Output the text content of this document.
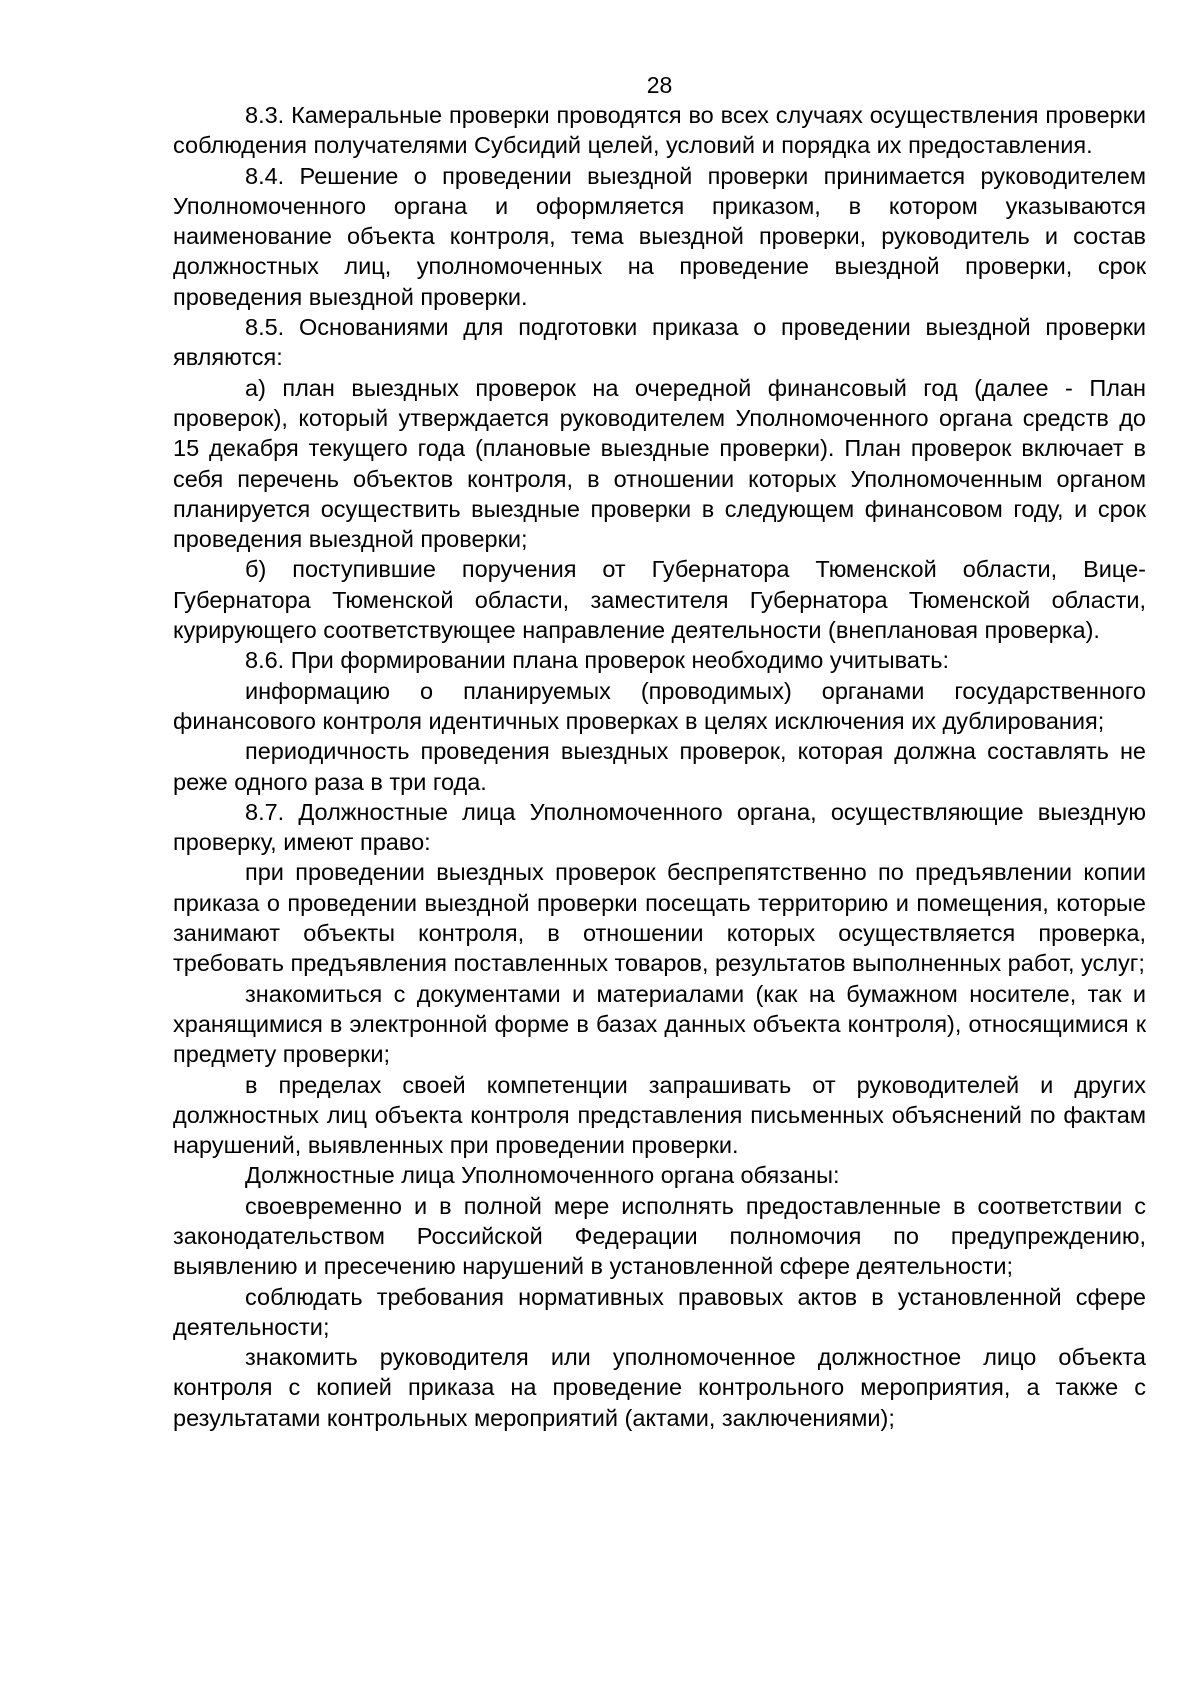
28

8.3. Камеральные проверки проводятся во всех случаях осуществления проверки соблюдения получателями Субсидий целей, условий и порядка их предоставления.

8.4. Решение о проведении выездной проверки принимается руководителем Уполномоченного органа и оформляется приказом, в котором указываются наименование объекта контроля, тема выездной проверки, руководитель и состав должностных лиц, уполномоченных на проведение выездной проверки, срок проведения выездной проверки.

8.5. Основаниями для подготовки приказа о проведении выездной проверки являются:

а) план выездных проверок на очередной финансовый год (далее - План проверок), который утверждается руководителем Уполномоченного органа средств до 15 декабря текущего года (плановые выездные проверки). План проверок включает в себя перечень объектов контроля, в отношении которых Уполномоченным органом планируется осуществить выездные проверки в следующем финансовом году, и срок проведения выездной проверки;

б) поступившие поручения от Губернатора Тюменской области, Вице-Губернатора Тюменской области, заместителя Губернатора Тюменской области, курирующего соответствующее направление деятельности (внеплановая проверка).

8.6. При формировании плана проверок необходимо учитывать:

информацию о планируемых (проводимых) органами государственного финансового контроля идентичных проверках в целях исключения их дублирования;

периодичность проведения выездных проверок, которая должна составлять не реже одного раза в три года.

8.7. Должностные лица Уполномоченного органа, осуществляющие выездную проверку, имеют право:

при проведении выездных проверок беспрепятственно по предъявлении копии приказа о проведении выездной проверки посещать территорию и помещения, которые занимают объекты контроля, в отношении которых осуществляется проверка, требовать предъявления поставленных товаров, результатов выполненных работ, услуг;

знакомиться с документами и материалами (как на бумажном носителе, так и хранящимися в электронной форме в базах данных объекта контроля), относящимися к предмету проверки;

в пределах своей компетенции запрашивать от руководителей и других должностных лиц объекта контроля представления письменных объяснений по фактам нарушений, выявленных при проведении проверки.

Должностные лица Уполномоченного органа обязаны:

своевременно и в полной мере исполнять предоставленные в соответствии с законодательством Российской Федерации полномочия по предупреждению, выявлению и пресечению нарушений в установленной сфере деятельности;

соблюдать требования нормативных правовых актов в установленной сфере деятельности;

знакомить руководителя или уполномоченное должностное лицо объекта контроля с копией приказа на проведение контрольного мероприятия, а также с результатами контрольных мероприятий (актами, заключениями);
